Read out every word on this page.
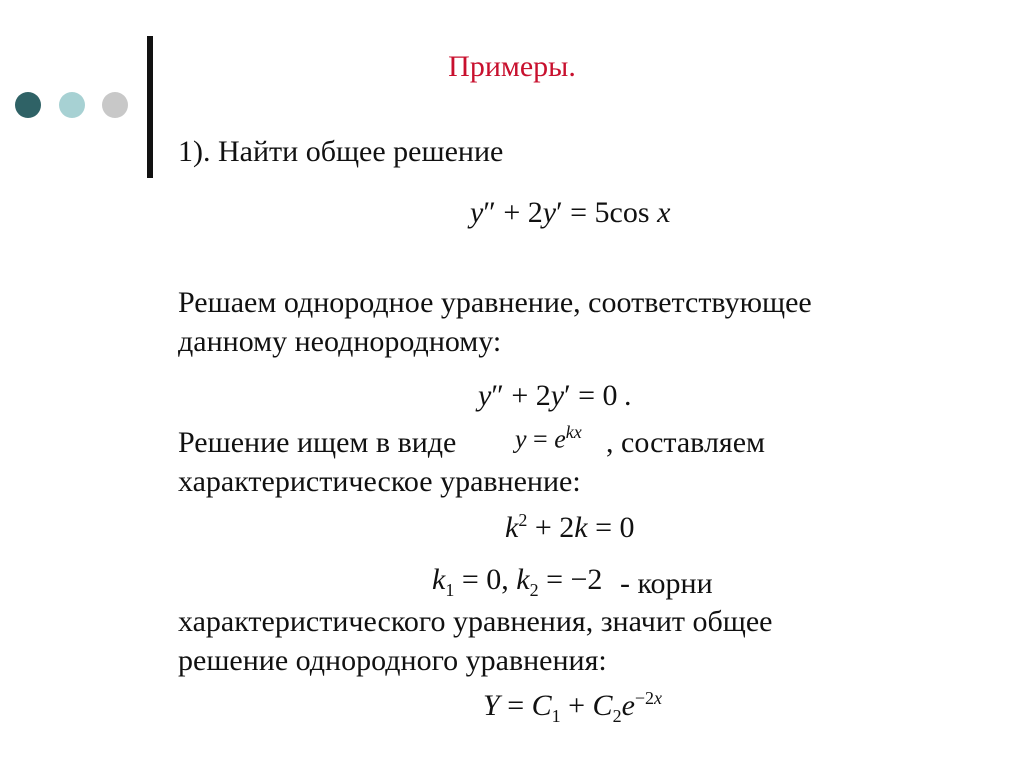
Примеры.
1). Найти общее решение
y″ + 2y′ = 5cos x
Решаем однородное уравнение, соответствующее
данному неоднородному:
y″ + 2y′ = 0 .
Решение ищем в виде $y = e^{kx}$ , составляем
характеристическое уравнение:
$k^2 + 2k = 0$
$k_1 = 0$, $k_2 = -2$ - корни
характеристического уравнения, значит общее
решение однородного уравнения:
$Y = C_1 + C_2e^{-2x}$
